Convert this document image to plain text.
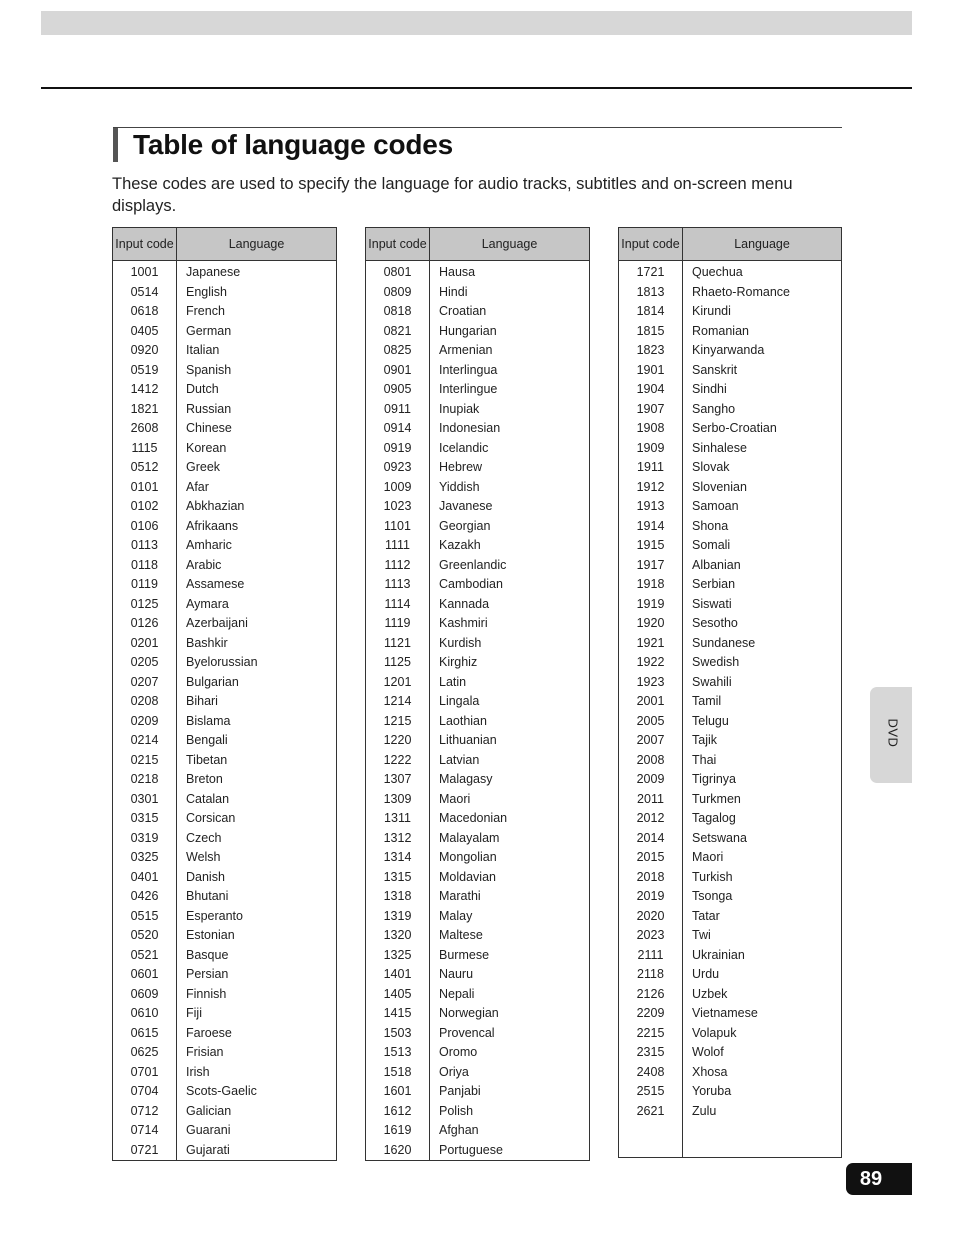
Table of language codes

These codes are used to specify the language for audio tracks, subtitles and on-screen menu displays.

Input code	Language
1001	Japanese
0514	English
0618	French
0405	German
0920	Italian
0519	Spanish
1412	Dutch
1821	Russian
2608	Chinese
1115	Korean
0512	Greek
0101	Afar
0102	Abkhazian
0106	Afrikaans
0113	Amharic
0118	Arabic
0119	Assamese
0125	Aymara
0126	Azerbaijani
0201	Bashkir
0205	Byelorussian
0207	Bulgarian
0208	Bihari
0209	Bislama
0214	Bengali
0215	Tibetan
0218	Breton
0301	Catalan
0315	Corsican
0319	Czech
0325	Welsh
0401	Danish
0426	Bhutani
0515	Esperanto
0520	Estonian
0521	Basque
0601	Persian
0609	Finnish
0610	Fiji
0615	Faroese
0625	Frisian
0701	Irish
0704	Scots-Gaelic
0712	Galician
0714	Guarani
0721	Gujarati
Input code	Language
0801	Hausa
0809	Hindi
0818	Croatian
0821	Hungarian
0825	Armenian
0901	Interlingua
0905	Interlingue
0911	Inupiak
0914	Indonesian
0919	Icelandic
0923	Hebrew
1009	Yiddish
1023	Javanese
1101	Georgian
1111	Kazakh
1112	Greenlandic
1113	Cambodian
1114	Kannada
1119	Kashmiri
1121	Kurdish
1125	Kirghiz
1201	Latin
1214	Lingala
1215	Laothian
1220	Lithuanian
1222	Latvian
1307	Malagasy
1309	Maori
1311	Macedonian
1312	Malayalam
1314	Mongolian
1315	Moldavian
1318	Marathi
1319	Malay
1320	Maltese
1325	Burmese
1401	Nauru
1405	Nepali
1415	Norwegian
1503	Provencal
1513	Oromo
1518	Oriya
1601	Panjabi
1612	Polish
1619	Afghan
1620	Portuguese
Input code	Language
1721	Quechua
1813	Rhaeto-Romance
1814	Kirundi
1815	Romanian
1823	Kinyarwanda
1901	Sanskrit
1904	Sindhi
1907	Sangho
1908	Serbo-Croatian
1909	Sinhalese
1911	Slovak
1912	Slovenian
1913	Samoan
1914	Shona
1915	Somali
1917	Albanian
1918	Serbian
1919	Siswati
1920	Sesotho
1921	Sundanese
1922	Swedish
1923	Swahili
2001	Tamil
2005	Telugu
2007	Tajik
2008	Thai
2009	Tigrinya
2011	Turkmen
2012	Tagalog
2014	Setswana
2015	Maori
2018	Turkish
2019	Tsonga
2020	Tatar
2023	Twi
2111	Ukrainian
2118	Urdu
2126	Uzbek
2209	Vietnamese
2215	Volapuk
2315	Wolof
2408	Xhosa
2515	Yoruba
2621	Zulu

DVD
89
